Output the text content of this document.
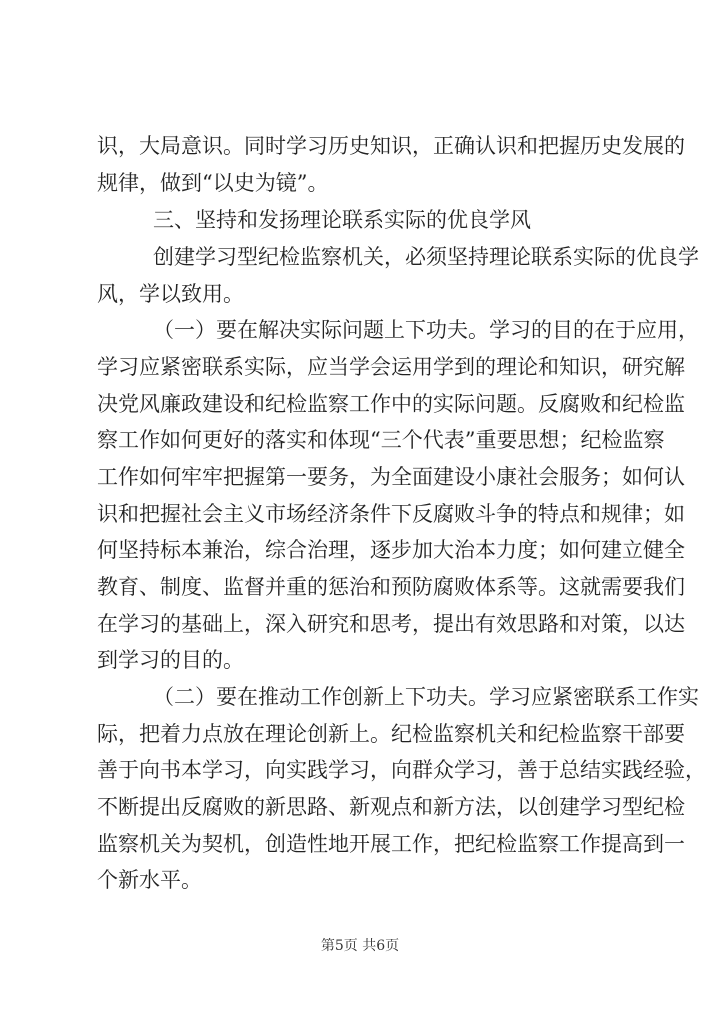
识，大局意识。同时学习历史知识，正确认识和把握历史发展的
规律，做到“以史为镜”。
三、坚持和发扬理论联系实际的优良学风
创建学习型纪检监察机关，必须坚持理论联系实际的优良学
风，学以致用。
（一）要在解决实际问题上下功夫。学习的目的在于应用，
学习应紧密联系实际，应当学会运用学到的理论和知识，研究解
决党风廉政建设和纪检监察工作中的实际问题。反腐败和纪检监
察工作如何更好的落实和体现“三个代表”重要思想；纪检监察
工作如何牢牢把握第一要务，为全面建设小康社会服务；如何认
识和把握社会主义市场经济条件下反腐败斗争的特点和规律；如
何坚持标本兼治，综合治理，逐步加大治本力度；如何建立健全
教育、制度、监督并重的惩治和预防腐败体系等。这就需要我们
在学习的基础上，深入研究和思考，提出有效思路和对策，以达
到学习的目的。
（二）要在推动工作创新上下功夫。学习应紧密联系工作实
际，把着力点放在理论创新上。纪检监察机关和纪检监察干部要
善于向书本学习，向实践学习，向群众学习，善于总结实践经验，
不断提出反腐败的新思路、新观点和新方法，以创建学习型纪检
监察机关为契机，创造性地开展工作，把纪检监察工作提高到一
个新水平。
第5页 共6页
